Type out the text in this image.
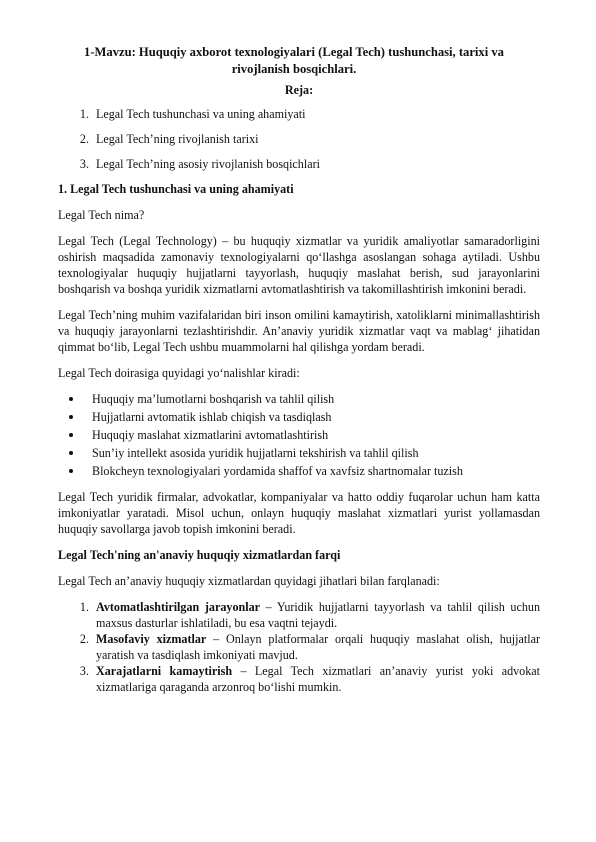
1-Mavzu: Huquqiy axborot texnologiyalari (Legal Tech) tushunchasi, tarixi va rivojlanish bosqichlari.
Reja:
1. Legal Tech tushunchasi va uning ahamiyati
2. Legal Tech’ning rivojlanish tarixi
3. Legal Tech’ning asosiy rivojlanish bosqichlari
1. Legal Tech tushunchasi va uning ahamiyati

Legal Tech nima?

Legal Tech (Legal Technology) – bu huquqiy xizmatlar va yuridik amaliyotlar samaradorligini oshirish maqsadida zamonaviy texnologiyalarni qo‘llashga asoslangan sohaga aytiladi. Ushbu texnologiyalar huquqiy hujjatlarni tayyorlash, huquqiy maslahat berish, sud jarayonlarini boshqarish va boshqa yuridik xizmatlarni avtomatlashtirish va takomillashtirish imkonini beradi.

Legal Tech’ning muhim vazifalaridan biri inson omilini kamaytirish, xatoliklarni minimallashtirish va huquqiy jarayonlarni tezlashtirishdir. An’anaviy yuridik xizmatlar vaqt va mablag‘ jihatidan qimmat bo‘lib, Legal Tech ushbu muammolarni hal qilishga yordam beradi.

Legal Tech doirasiga quyidagi yo‘nalishlar kiradi:

Huquqiy ma’lumotlarni boshqarish va tahlil qilish
Hujjatlarni avtomatik ishlab chiqish va tasdiqlash
Huquqiy maslahat xizmatlarini avtomatlashtirish
Sun’iy intellekt asosida yuridik hujjatlarni tekshirish va tahlil qilish
Blokcheyn texnologiyalari yordamida shaffof va xavfsiz shartnomalar tuzish

Legal Tech yuridik firmalar, advokatlar, kompaniyalar va hatto oddiy fuqarolar uchun ham katta imkoniyatlar yaratadi. Misol uchun, onlayn huquqiy maslahat xizmatlari yurist yollamasdan huquqiy savollarga javob topish imkonini beradi.

Legal Tech'ning an'anaviy huquqiy xizmatlardan farqi

Legal Tech an’anaviy huquqiy xizmatlardan quyidagi jihatlari bilan farqlanadi:

1. Avtomatlashtirilgan jarayonlar – Yuridik hujjatlarni tayyorlash va tahlil qilish uchun maxsus dasturlar ishlatiladi, bu esa vaqtni tejaydi.
2. Masofaviy xizmatlar – Onlayn platformalar orqali huquqiy maslahat olish, hujjatlar yaratish va tasdiqlash imkoniyati mavjud.
3. Xarajatlarni kamaytirish – Legal Tech xizmatlari an’anaviy yurist yoki advokat xizmatlariga qaraganda arzonroq bo‘lishi mumkin.
